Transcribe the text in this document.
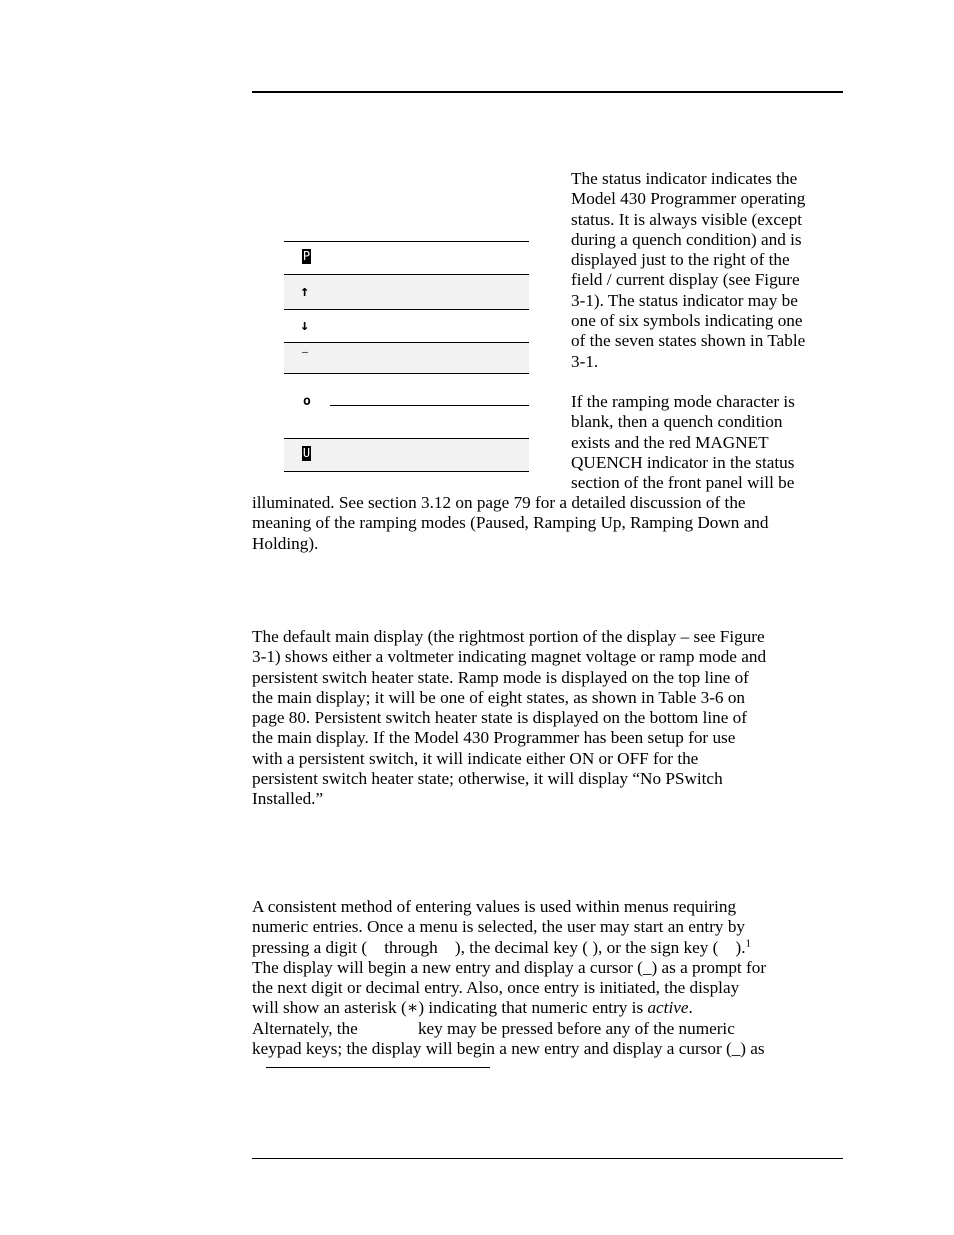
P
↑
↓
–
o
U

The status indicator indicates the
Model 430 Programmer operating
status. It is always visible (except
during a quench condition) and is
displayed just to the right of the
field / current display (see Figure
3-1). The status indicator may be
one of six symbols indicating one
of the seven states shown in Table
3-1.

If the ramping mode character is
blank, then a quench condition
exists and the red MAGNET
QUENCH indicator in the status
section of the front panel will be

illuminated. See section 3.12 on page 79 for a detailed discussion of the
meaning of the ramping modes (Paused, Ramping Up, Ramping Down and
Holding).

The default main display (the rightmost portion of the display – see Figure
3-1) shows either a voltmeter indicating magnet voltage or ramp mode and
persistent switch heater state. Ramp mode is displayed on the top line of
the main display; it will be one of eight states, as shown in Table 3-6 on
page 80. Persistent switch heater state is displayed on the bottom line of
the main display. If the Model 430 Programmer has been setup for use
with a persistent switch, it will indicate either ON or OFF for the
persistent switch heater state; otherwise, it will display “No PSwitch
Installed.”

A consistent method of entering values is used within menus requiring
numeric entries. Once a menu is selected, the user may start an entry by
pressing a digit (    through    ), the decimal key ( ), or the sign key (    ).$^1$
The display will begin a new entry and display a cursor (_) as a prompt for
the next digit or decimal entry. Also, once entry is initiated, the display
will show an asterisk (∗) indicating that numeric entry is active.
Alternately, the              key may be pressed before any of the numeric
keypad keys; the display will begin a new entry and display a cursor (_) as
